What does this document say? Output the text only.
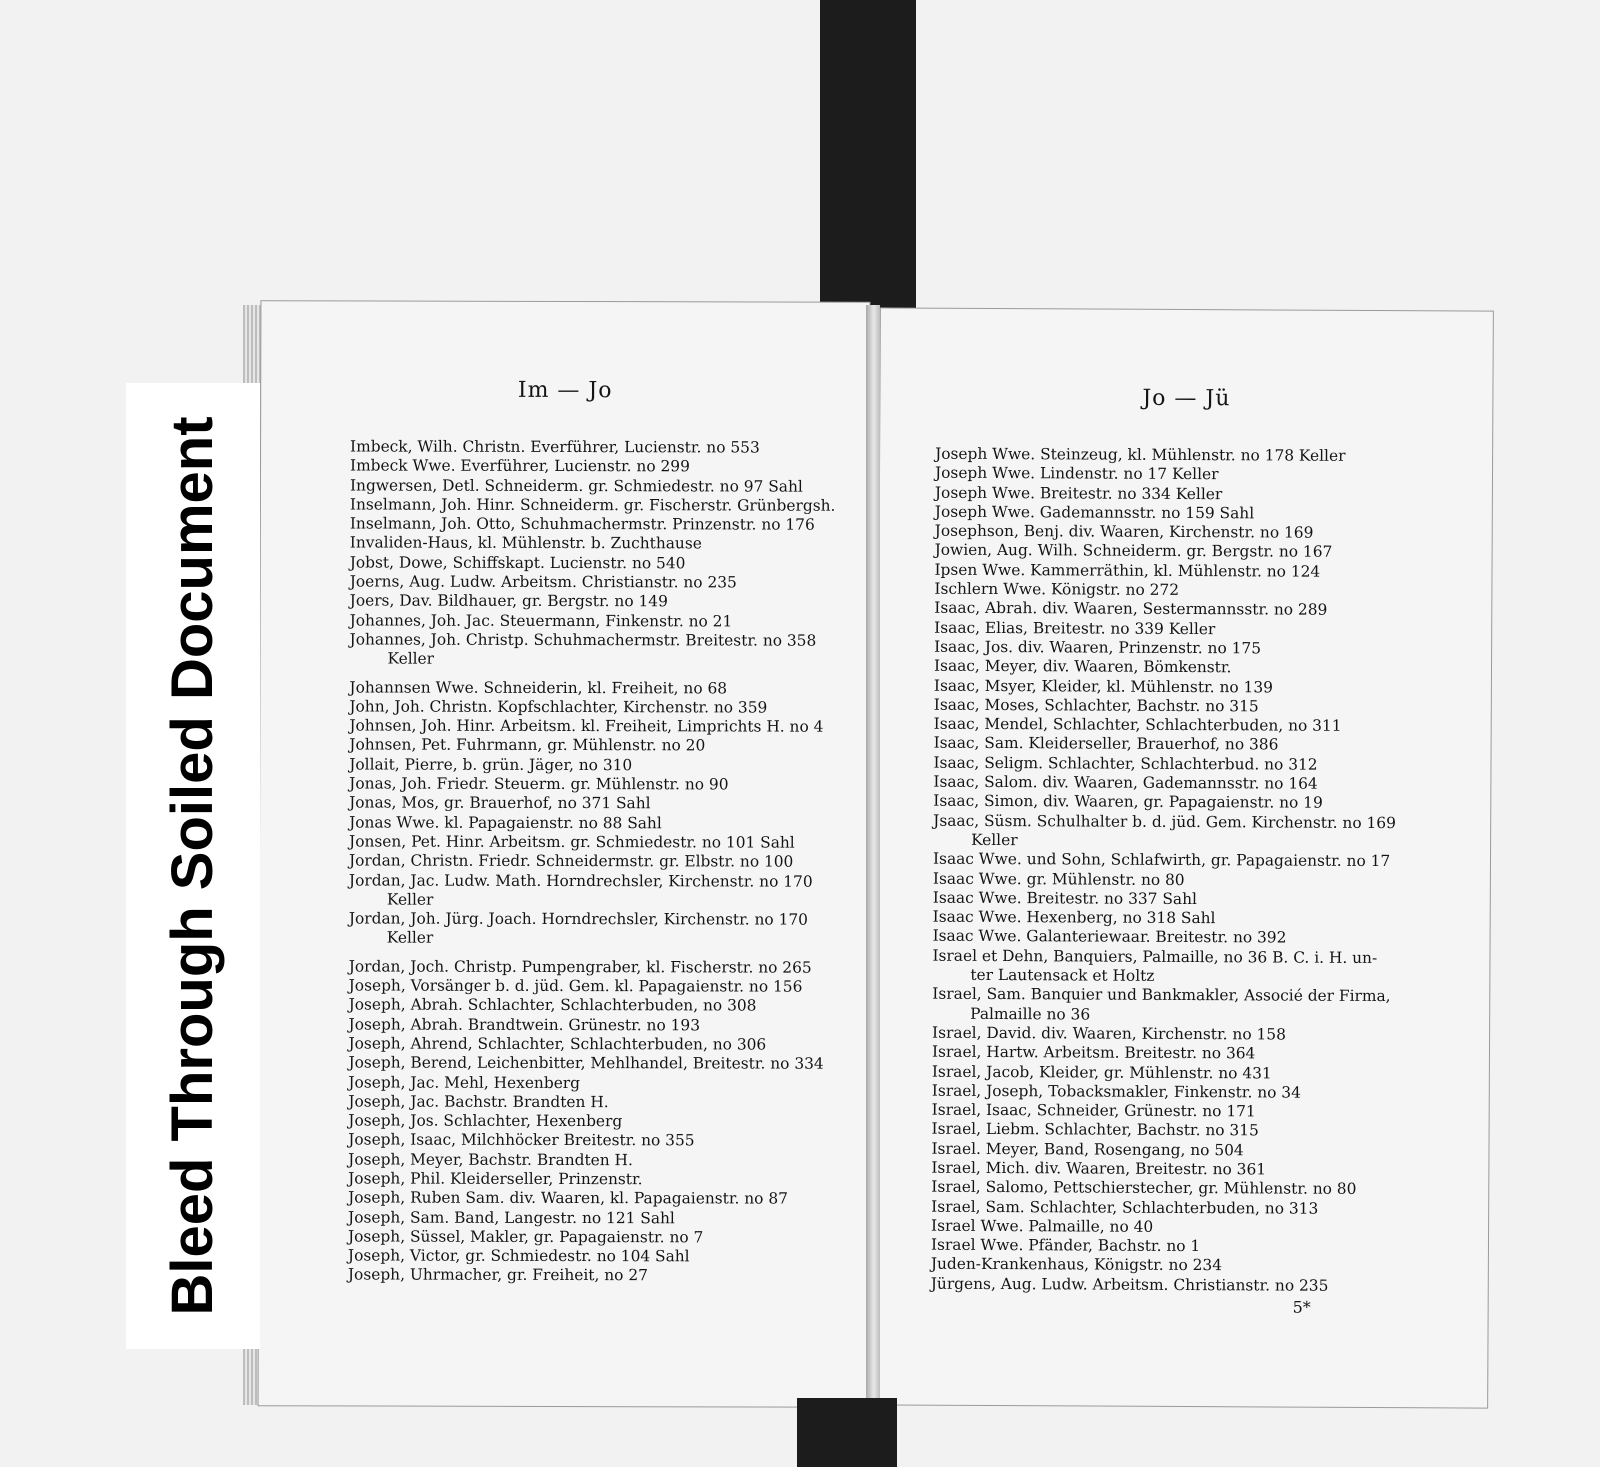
Im — Jo
Imbeck, Wilh. Christn. Everführer, Lucienstr. no 553
Imbeck Wwe. Everführer, Lucienstr. no 299
Ingwersen, Detl. Schneiderm. gr. Schmiedestr. no 97 Sahl
Inselmann, Joh. Hinr. Schneiderm. gr. Fischerstr. Grünbergsh.
Inselmann, Joh. Otto, Schuhmachermstr. Prinzenstr. no 176
Invaliden-Haus, kl. Mühlenstr. b. Zuchthause
Jobst, Dowe, Schiffskapt. Lucienstr. no 540
Joerns, Aug. Ludw. Arbeitsm. Christianstr. no 235
Joers, Dav. Bildhauer, gr. Bergstr. no 149
Johannes, Joh. Jac. Steuermann, Finkenstr. no 21
Johannes, Joh. Christp. Schuhmachermstr. Breitestr. no 358
Keller
Johannsen Wwe. Schneiderin, kl. Freiheit, no 68
John, Joh. Christn. Kopfschlachter, Kirchenstr. no 359
Johnsen, Joh. Hinr. Arbeitsm. kl. Freiheit, Limprichts H. no 4
Johnsen, Pet. Fuhrmann, gr. Mühlenstr. no 20
Jollait, Pierre, b. grün. Jäger, no 310
Jonas, Joh. Friedr. Steuerm. gr. Mühlenstr. no 90
Jonas, Mos, gr. Brauerhof, no 371 Sahl
Jonas Wwe. kl. Papagaienstr. no 88 Sahl
Jonsen, Pet. Hinr. Arbeitsm. gr. Schmiedestr. no 101 Sahl
Jordan, Christn. Friedr. Schneidermstr. gr. Elbstr. no 100
Jordan, Jac. Ludw. Math. Horndrechsler, Kirchenstr. no 170
Keller
Jordan, Joh. Jürg. Joach. Horndrechsler, Kirchenstr. no 170
Keller
Jordan, Joch. Christp. Pumpengraber, kl. Fischerstr. no 265
Joseph, Vorsänger b. d. jüd. Gem. kl. Papagaienstr. no 156
Joseph, Abrah. Schlachter, Schlachterbuden, no 308
Joseph, Abrah. Brandtwein. Grünestr. no 193
Joseph, Ahrend, Schlachter, Schlachterbuden, no 306
Joseph, Berend, Leichenbitter, Mehlhandel, Breitestr. no 334
Joseph, Jac. Mehl, Hexenberg
Joseph, Jac. Bachstr. Brandten H.
Joseph, Jos. Schlachter, Hexenberg
Joseph, Isaac, Milchhöcker Breitestr. no 355
Joseph, Meyer, Bachstr. Brandten H.
Joseph, Phil. Kleiderseller, Prinzenstr.
Joseph, Ruben Sam. div. Waaren, kl. Papagaienstr. no 87
Joseph, Sam. Band, Langestr. no 121 Sahl
Joseph, Süssel, Makler, gr. Papagaienstr. no 7
Joseph, Victor, gr. Schmiedestr. no 104 Sahl
Joseph, Uhrmacher, gr. Freiheit, no 27
Jo — Jü
Joseph Wwe. Steinzeug, kl. Mühlenstr. no 178 Keller
Joseph Wwe. Lindenstr. no 17 Keller
Joseph Wwe. Breitestr. no 334 Keller
Joseph Wwe. Gademannsstr. no 159 Sahl
Josephson, Benj. div. Waaren, Kirchenstr. no 169
Jowien, Aug. Wilh. Schneiderm. gr. Bergstr. no 167
Ipsen Wwe. Kammerräthin, kl. Mühlenstr. no 124
Ischlern Wwe. Königstr. no 272
Isaac, Abrah. div. Waaren, Sestermannsstr. no 289
Isaac, Elias, Breitestr. no 339 Keller
Isaac, Jos. div. Waaren, Prinzenstr. no 175
Isaac, Meyer, div. Waaren, Bömkenstr.
Isaac, Msyer, Kleider, kl. Mühlenstr. no 139
Isaac, Moses, Schlachter, Bachstr. no 315
Isaac, Mendel, Schlachter, Schlachterbuden, no 311
Isaac, Sam. Kleiderseller, Brauerhof, no 386
Isaac, Seligm. Schlachter, Schlachterbud. no 312
Isaac, Salom. div. Waaren, Gademannsstr. no 164
Isaac, Simon, div. Waaren, gr. Papagaienstr. no 19
Jsaac, Süsm. Schulhalter b. d. jüd. Gem. Kirchenstr. no 169
Keller
Isaac Wwe. und Sohn, Schlafwirth, gr. Papagaienstr. no 17
Isaac Wwe. gr. Mühlenstr. no 80
Isaac Wwe. Breitestr. no 337 Sahl
Isaac Wwe. Hexenberg, no 318 Sahl
Isaac Wwe. Galanteriewaar. Breitestr. no 392
Israel et Dehn, Banquiers, Palmaille, no 36 B. C. i. H. un-
ter Lautensack et Holtz
Israel, Sam. Banquier und Bankmakler, Associé der Firma,
Palmaille no 36
Israel, David. div. Waaren, Kirchenstr. no 158
Israel, Hartw. Arbeitsm. Breitestr. no 364
Israel, Jacob, Kleider, gr. Mühlenstr. no 431
Israel, Joseph, Tobacksmakler, Finkenstr. no 34
Israel, Isaac, Schneider, Grünestr. no 171
Israel, Liebm. Schlachter, Bachstr. no 315
Israel. Meyer, Band, Rosengang, no 504
Israel, Mich. div. Waaren, Breitestr. no 361
Israel, Salomo, Pettschierstecher, gr. Mühlenstr. no 80
Israel, Sam. Schlachter, Schlachterbuden, no 313
Israel Wwe. Palmaille, no 40
Israel Wwe. Pfänder, Bachstr. no 1
Juden-Krankenhaus, Königstr. no 234
Jürgens, Aug. Ludw. Arbeitsm. Christianstr. no 235
5*
Bleed Through Soiled Document
